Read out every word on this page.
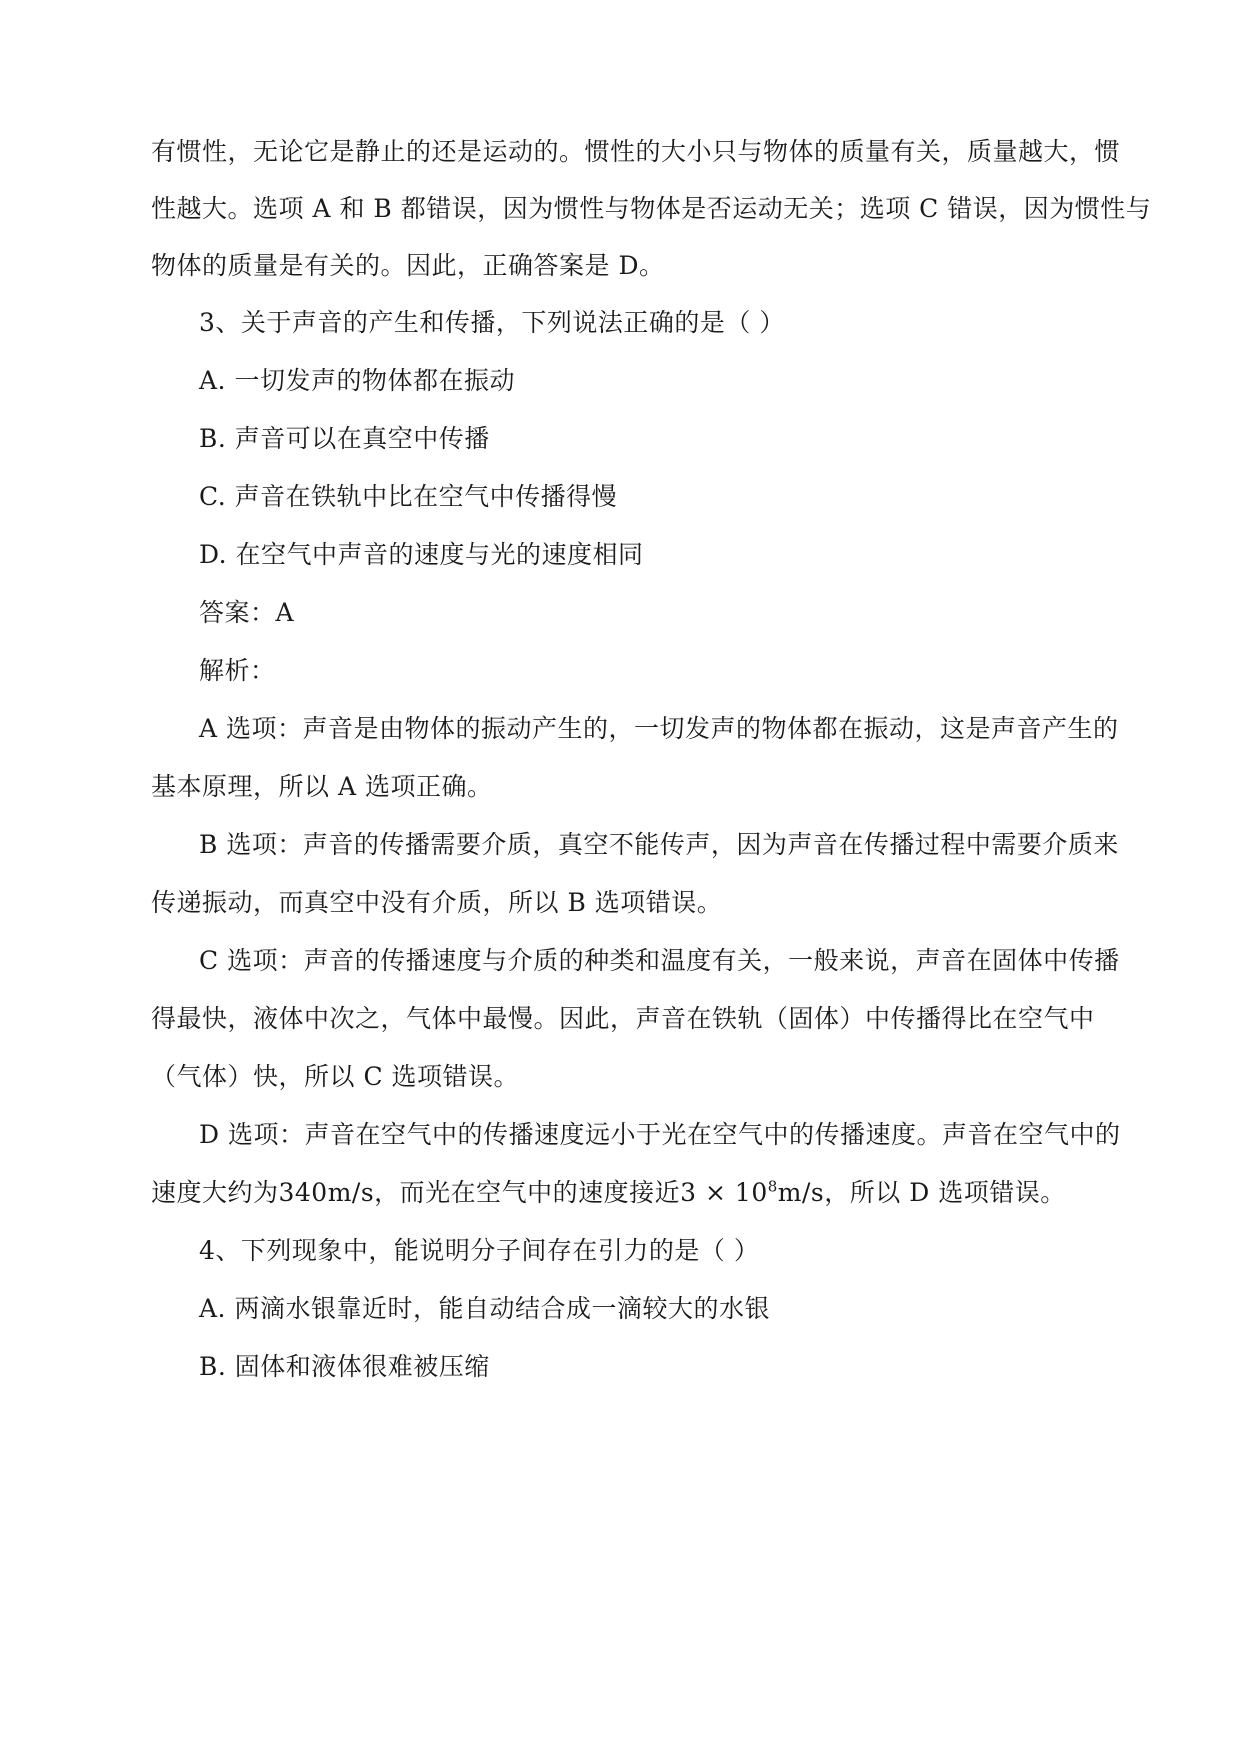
有惯性，无论它是静止的还是运动的。惯性的大小只与物体的质量有关，质量越大，惯
性越大。选项 A 和 B 都错误，因为惯性与物体是否运动无关；选项 C 错误，因为惯性与
物体的质量是有关的。因此，正确答案是 D。
3、关于声音的产生和传播，下列说法正确的是（ ）
A. 一切发声的物体都在振动
B. 声音可以在真空中传播
C. 声音在铁轨中比在空气中传播得慢
D. 在空气中声音的速度与光的速度相同
答案：A
解析：
A 选项：声音是由物体的振动产生的，一切发声的物体都在振动，这是声音产生的
基本原理，所以 A 选项正确。
B 选项：声音的传播需要介质，真空不能传声，因为声音在传播过程中需要介质来
传递振动，而真空中没有介质，所以 B 选项错误。
C 选项：声音的传播速度与介质的种类和温度有关，一般来说，声音在固体中传播
得最快，液体中次之，气体中最慢。因此，声音在铁轨（固体）中传播得比在空气中
（气体）快，所以 C 选项错误。
D 选项：声音在空气中的传播速度远小于光在空气中的传播速度。声音在空气中的
速度大约为340m/s，而光在空气中的速度接近$3 \times 10^8m/s$，所以 D 选项错误。
4、下列现象中，能说明分子间存在引力的是（ ）
A. 两滴水银靠近时，能自动结合成一滴较大的水银
B. 固体和液体很难被压缩
